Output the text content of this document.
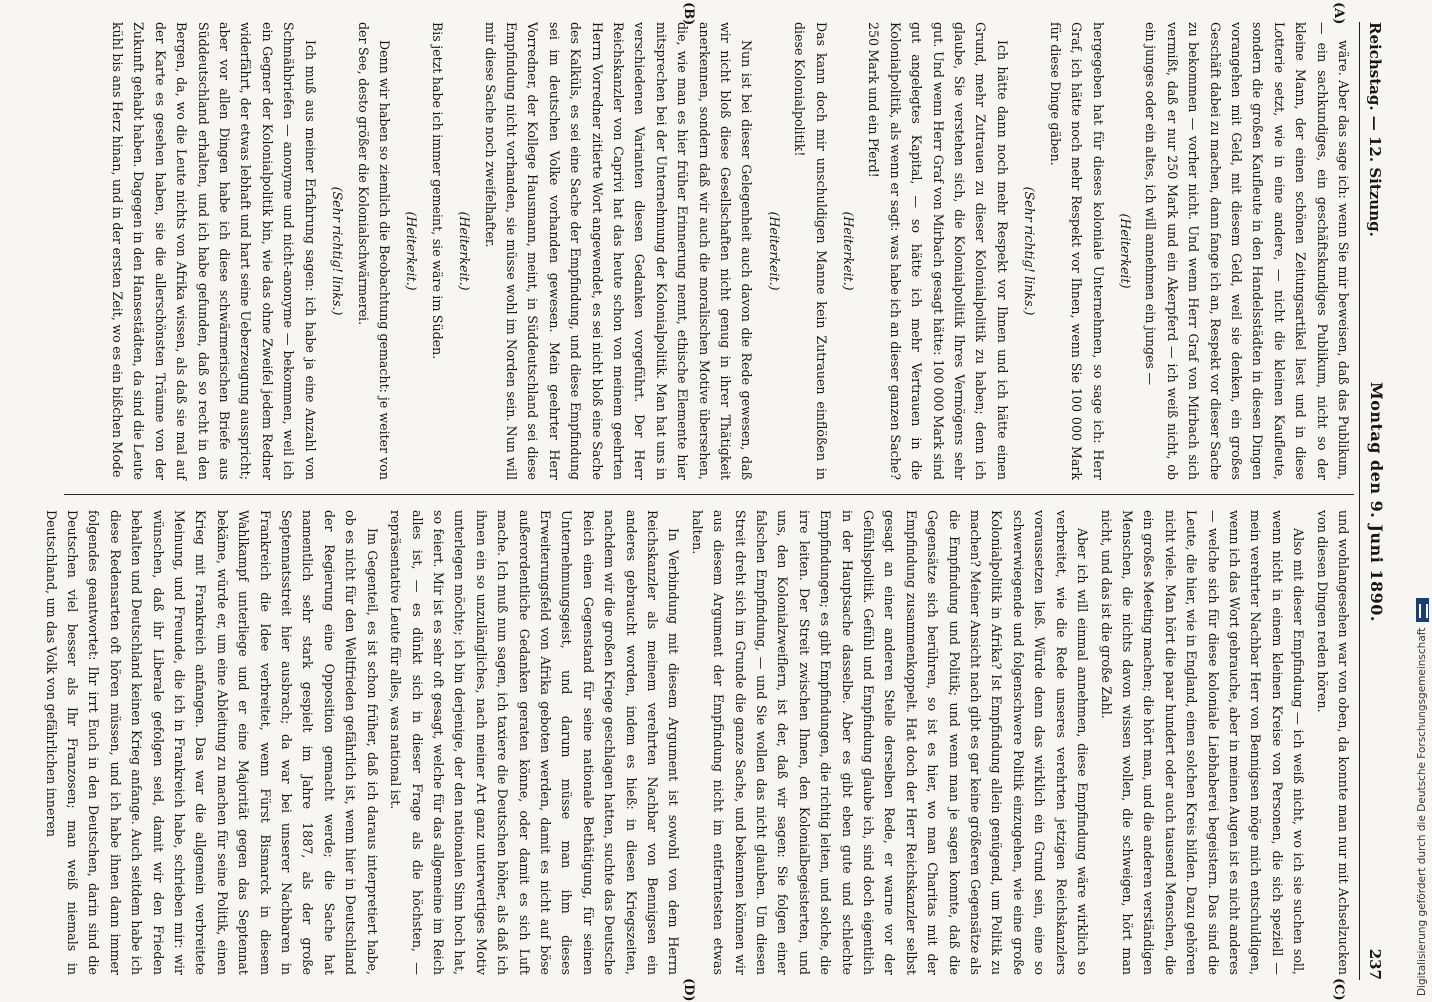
Reichstag. — 12. Sitzung.
Montag den 9. Juni 1890.
237
(A)
(B)
(C)
(D)

wäre. Aber das sage ich: wenn Sie mir beweisen, daß das Publikum, — ein sachkundiges, ein geschäftskundiges Publikum, nicht so der kleine Mann, der einen schönen Zeitungsartikel liest und in diese Lotterie setzt, wie in eine andere, — nicht die kleinen Kaufleute, sondern die großen Kaufleute in den Handelsstädten in diesen Dingen vorangehen mit Geld, mit diesem Geld, weil sie denken, ein großes Geschäft dabei zu machen, dann fange ich an, Respekt vor dieser Sache zu bekommen — vorher nicht. Und wenn Herr Graf von Mirbach sich vermißt, daß er nur 250 Mark und ein Akerpferd — ich weiß nicht, ob ein junges oder ein altes, ich will annehmen ein junges —

(Heiterkeit)

hergegeben hat für dieses koloniale Unternehmen, so sage ich: Herr Graf, ich hätte noch mehr Respekt vor Ihnen, wenn Sie 100 000 Mark für diese Dinge gäben.

(Sehr richtig! links.)

Ich hätte dann noch mehr Respekt vor Ihnen und ich hätte einen Grund, mehr Zutrauen zu dieser Kolonialpolitik zu haben; denn ich glaube, Sie verstehen sich, die Kolonialpolitik Ihres Vermögens sehr gut. Und wenn Herr Graf von Mirbach gesagt hätte: 100 000 Mark sind gut angelegtes Kapital, — so hätte ich mehr Vertrauen in die Kolonialpolitik, als wenn er sagt: was habe ich an dieser ganzen Sache? 250 Mark und ein Pferd!

(Heiterkeit.)

Das kann doch mir unschuldigen Manne kein Zutrauen einflößen in diese Kolonialpolitik!

(Heiterkeit.)

Nun ist bei dieser Gelegenheit auch davon die Rede gewesen, daß wir nicht bloß diese Gesellschaften nicht genug in ihrer Thätigkeit anerkennen, sondern daß wir auch die moralischen Motive übersehen, die, wie man es hier früher Erinnerung nennt, ethische Elemente hier mitsprechen bei der Unternehmung der Kolonialpolitik. Man hat uns in verschiedenen Varianten diesen Gedanken vorgeführt. Der Herr Reichskanzler von Caprivi hat das heute schon von meinem geehrten Herrn Vorredner zitierte Wort angewendet, es sei nicht bloß eine Sache des Kalküls, es sei eine Sache der Empfindung, und diese Empfindung sei im deutschen Volke vorhanden gewesen. Mein geehrter Herr Vorredner, der Kollege Hausmann, meint, in Süddeutschland sei diese Empfindung nicht vorhanden, sie müsse wohl im Norden sein. Nun will mir diese Sache noch zweifelhafter.

(Heiterkeit.)

Bis jetzt habe ich immer gemeint, sie wäre im Süden.

(Heiterkeit.)

Denn wir haben so ziemlich die Beobachtung gemacht: je weiter von der See, desto größer die Kolonialschwärmerei.

(Sehr richtig! links.)

Ich muß aus meiner Erfahrung sagen: ich habe ja eine Anzahl von Schmähbriefen — anonyme und nicht-anonyme — bekommen, weil ich ein Gegner der Kolonialpolitik bin, wie das ohne Zweifel jedem Redner widerfährt, der etwas lebhaft und hart seine Ueberzeugung ausspricht; aber vor allen Dingen habe ich diese schwärmerischen Briefe aus Süddeutschland erhalten, und ich habe gefunden, daß so recht in den Bergen, da, wo die Leute nichts von Afrika wissen, als daß sie mal auf der Karte es gesehen haben, sie die allerschönsten Träume von der Zukunft gehabt haben. Dagegen in den Hansestädten, da sind die Leute kühl bis ans Herz hinan, und in der ersten Zeit, wo es ein bißchen Mode

und wohlangesehen war von oben, da konnte man nur mit Achselzucken von diesen Dingen reden hören.

Also mit dieser Empfindung — ich weiß nicht, wo ich sie suchen soll, wenn nicht in einem kleinen Kreise von Personen, die sich speziell — mein verehrter Nachbar Herr von Bennigsen möge mich entschuldigen, wenn ich das Wort gebrauche, aber in meinen Augen ist es nicht anderes — welche sich für diese koloniale Liebhaberei begeistern. Das sind die Leute, die hier, wie in England, einen solchen Kreis bilden. Dazu gehören nicht viele. Man hört die paar hundert oder auch tausend Menschen, die ein großes Meeting machen; die hört man, und die anderen verständigen Menschen, die nichts davon wissen wollen, die schweigen, hört man nicht, und das ist die große Zahl.

Aber ich will einmal annehmen, diese Empfindung wäre wirklich so verbreitet, wie die Rede unseres verehrten jetzigen Reichskanzlers voraussetzen ließ. Würde denn das wirklich ein Grund sein, eine so schwerwiegende und folgenschwere Politik einzugehen, wie eine große Kolonialpolitik in Afrika? Ist Empfindung allein genügend, um Politik zu machen? Meiner Ansicht nach gibt es gar keine größeren Gegensätze als die Empfindung und Politik; und wenn man je sagen konnte, daß die Gegensätze sich berühren, so ist es hier, wo man Charitas mit der Empfindung zusammenkoppelt. Hat doch der Herr Reichskanzler selbst gesagt an einer anderen Stelle derselben Rede, er warne vor der Gefühlspolitik. Gefühl und Empfindung glaube ich, sind doch eigentlich in der Hauptsache dasselbe. Aber es gibt eben gute und schlechte Empfindungen; es gibt Empfindungen, die richtig leiten, und solche, die irre leiten. Der Streit zwischen Ihnen, den Kolonialbegeisterten, und uns, den Kolonialzweiflern, ist der, daß wir sagen: Sie folgen einer falschen Empfindung, — und Sie wollen das nicht glauben. Um diesen Streit dreht sich im Grunde die ganze Sache, und bekennen können wir aus diesem Argument der Empfindung nicht im entferntesten etwas halten.

In Verbindung mit diesem Argument ist sowohl von dem Herrn Reichskanzler als meinem verehrten Nachbar von Bennigsen ein anderes gebraucht worden, indem es hieß: in diesen Kriegszeiten, nachdem wir die großen Kriege geschlagen hatten, suchte das Deutsche Reich einen Gegenstand für seine nationale Bethätigung, für seinen Unternehmungsgeist, und darum müsse man ihm dieses Erweiterungsfeld von Afrika geboten werden, damit es nicht auf böse außerordentliche Gedanken geraten könne, oder damit es sich Luft mache. Ich muß nun sagen, ich taxiere die Deutschen höher, als daß ich ihnen ein so unzulängliches, nach meiner Art ganz unterwertiges Motiv unterlegen möchte; ich bin derjenige, der den nationalen Sinn hoch hat, so feiert. Mir ist es sehr oft gesagt, welche für das allgemeine im Reich alles ist, — es dünkt sich in dieser Frage als die höchsten, — repräsentative Leute für alles, was national ist.

Im Gegenteil, es ist schon früher, daß ich daraus interpretiert habe, ob es nicht für den Weltfrieden gefährlich ist, wenn hier in Deutschland der Regierung eine Opposition gemacht werde; die Sache hat namentlich sehr stark gespielt im Jahre 1887, als der große Septennatsstreit hier ausbrach; da war bei unserer Nachbaren in Frankreich die Idee verbreitet, wenn Fürst Bismarck in diesem Wahlkampf unterliege und er eine Majorität gegen das Septennat bekäme, würde er, um eine Ableitung zu machen für seine Politik, einen Krieg mit Frankreich anfangen. Das war die allgemein verbreitete Meinung, und Freunde, die ich in Frankreich habe, schrieben mir: wir wünschen, daß ihr Liberale gefolgen seid, damit wir den Frieden behalten und Deutschland keinen Krieg anfange. Auch seitdem habe ich diese Redensarten oft hören müssen, und ich habe ihnen dann immer folgendes geantwortet: Ihr irrt Euch in den Deutschen, darin sind die Deutschen viel besser als Ihr Franzosen; man weiß niemals in Deutschland, um das Volk von gefährlichen inneren	Digitalisierung gefördert durch die Deutsche Forschungsgemeinschaft
